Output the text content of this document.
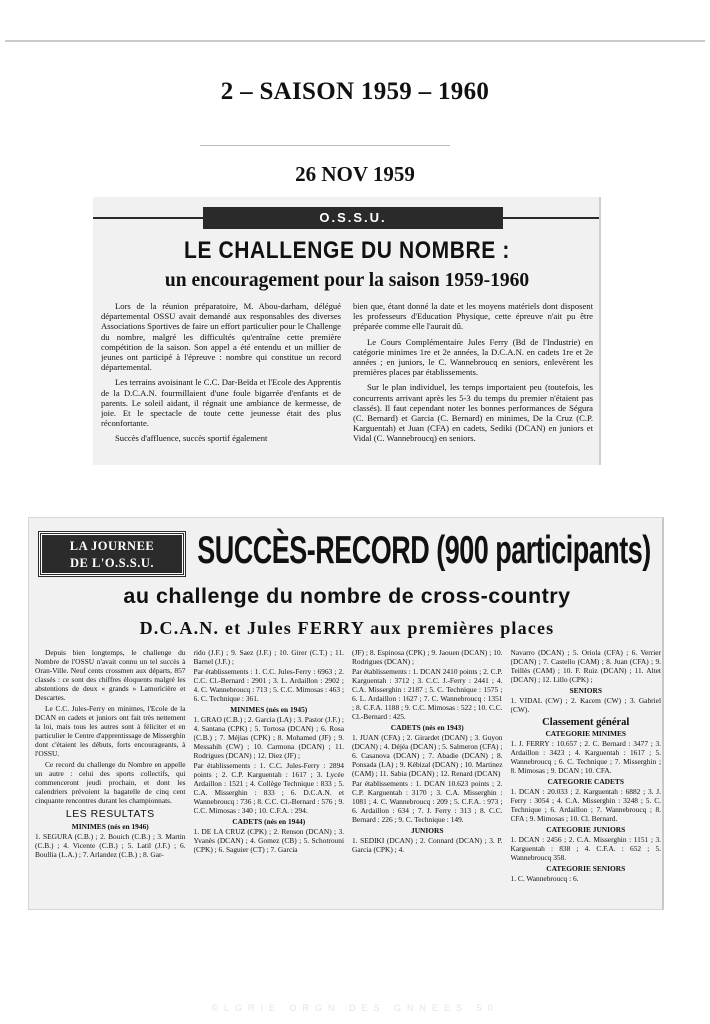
2 – SAISON 1959 – 1960
26 NOV 1959
O.S.S.U.
LE CHALLENGE DU NOMBRE :
un encouragement pour la saison 1959-1960

Lors de la réunion préparatoire, M. Abou-darham, délégué départemental OSSU avait demandé aux responsables des diverses Associations Sportives de faire un effort particulier pour le Challenge du nombre, malgré les difficultés qu'entraîne cette première compétition de la saison. Son appel a été entendu et un millier de jeunes ont participé à l'épreuve : nombre qui constitue un record départemental.

Les terrains avoisinant le C.C. Dar-Beïda et l'Ecole des Apprentis de la D.C.A.N. fourmillaient d'une foule bigarrée d'enfants et de parents. Le soleil aidant, il régnait une ambiance de kermesse, de joie. Et le spectacle de toute cette jeunesse était des plus réconfortante.

Succès d'affluence, succès sportif également

bien que, étant donné la date et les moyens matériels dont disposent les professeurs d'Education Physique, cette épreuve n'ait pu être préparée comme elle l'aurait dû.

Le Cours Complémentaire Jules Ferry (Bd de l'Industrie) en catégorie minimes 1re et 2e années, la D.C.A.N. en cadets 1re et 2e années ; en juniors, le C. Wannebroucq en seniors, enlevèrent les premières places par établissements.

Sur le plan individuel, les temps importaient peu (toutefois, les concurrents arrivant après les 5-3 du temps du premier n'étaient pas classés). Il faut cependant noter les bonnes performances de Ségura (C. Bernard) et Garcia (C. Bernard) en minimes, De la Cruz (C.P. Karguentah) et Juan (CFA) en cadets, Sediki (DCAN) en juniors et Vidal (C. Wannebroucq) en seniors.

LA JOURNEE
DE L'O.S.S.U.	SUCCÈS-RECORD (900 participants)
au challenge du nombre de cross-country
D.C.A.N. et Jules FERRY aux premières places

Depuis bien longtemps, le challenge du Nombre de l'OSSU n'avait connu un tel succès à Oran-Ville. Neuf cents crossmen aux départs, 857 classés : ce sont des chiffres éloquents malgré les abstentions de deux « grands » Lamoricière et Descartes.

Le C.C. Jules-Ferry en minimes, l'Ecole de la DCAN en cadets et juniors ont fait très nettement la loi, mais tous les autres sont à féliciter et en particulier le Centre d'apprentissage de Misserghin dont c'étaient les débuts, forts encourageants, à l'OSSU.

Ce record du challenge du Nombre en appelle un autre : celui des sports collectifs, qui commenceront jeudi prochain, et dont les calendriers prévoient la bagatelle de cinq cent cinquante rencontres durant les championnats.

LES RESULTATS
MINIMES (nés en 1946)

1. SEGURA (C.B.) ; 2. Bouich (C.B.) ; 3. Martin (C.B.) ; 4. Vicente (C.B.) ; 5. Latil (J.F.) ; 6. Boullia (L.A.) ; 7. Arlandez (C.B.) ; 8. Gar-

rido (J.F.) ; 9. Saez (J.F.) ; 10. Girer (C.T.) ; 11. Barnel (J.F.) ;

Par établissements : 1. C.C. Jules-Ferry : 6963 ; 2. C.C. Cl.-Bernard : 2901 ; 3. L. Ardaillon : 2902 ; 4. C. Wannebroucq : 713 ; 5. C.C. Mimosas : 463 ; 6. C. Technique : 361.

MINIMES (nés en 1945)

1. GRAO (C.B.) ; 2. Garcia (LA) ; 3. Pastor (J.F.) ; 4. Santana (CPK) ; 5. Tortosa (DCAN) ; 6. Rosa (C.B.) ; 7. Méjias (CPK) ; 8. Mohamed (JF) ; 9. Messahih (CW) ; 10. Carmona (DCAN) ; 11. Rodrigues (DCAN) ; 12. Diez (JF) ;

Par établissements : 1. C.C. Jules-Ferry : 2894 points ; 2. C.P. Karguentah : 1617 ; 3. Lycée Ardaillon : 1521 ; 4. Collège Technique : 833 ; 5. C.A. Misserghin : 833 ; 6. D.C.A.N. et Wannebroucq : 736 ; 8. C.C. Cl.-Bernard : 576 ; 9. C.C. Mimosas : 340 ; 10. C.F.A. : 294.

CADETS (nés en 1944)

1. DE LA CRUZ (CPK) ; 2. Renson (DCAN) ; 3. Yvanès (DCAN) ; 4. Gomez (CB) ; 5. Schotrouni (CPK) ; 6. Saguier (CT) ; 7. Garcia

(JF) ; 8. Espinosa (CPK) ; 9. Jaouen (DCAN) ; 10. Rodrigues (DCAN) ;

Par établissements : 1. DCAN 2410 points ; 2. C.P. Karguentah : 3712 ; 3. C.C. J.-Ferry : 2441 ; 4. C.A. Misserghin : 2187 ; 5. C. Technique : 1575 ; 6. L. Ardaillon : 1627 ; 7. C. Wannebroucq : 1351 ; 8. C.F.A. 1188 ; 9. C.C. Mimosas : 522 ; 10. C.C. Cl.-Bernard : 425.

CADETS (nés en 1943)

1. JUAN (CFA) ; 2. Girardet (DCAN) ; 3. Guyon (DCAN) ; 4. Déjéa (DCAN) ; 5. Salmeron (CFA) ; 6. Casanova (DCAN) ; 7. Abadie (DCAN) ; 8. Ponsada (LA) ; 9. Kébizal (DCAN) ; 10. Martinez (CAM) ; 11. Sabia (DCAN) ; 12. Renard (DCAN)

Par établissements : 1. DCAN 10.623 points ; 2. C.P. Karguentah : 3170 ; 3. C.A. Misserghin : 1081 ; 4. C. Wannebroucq : 209 ; 5. C.F.A. : 973 ; 6. Ardaillon : 634 ; 7. J. Ferry : 313 ; 8. C.C. Bernard : 226 ; 9. C. Technique : 149.

JUNIORS

1. SEDIKI (DCAN) ; 2. Connard (DCAN) ; 3. P. Garcia (CPK) ; 4.

Navarro (DCAN) ; 5. Oriola (CFA) ; 6. Verrier (DCAN) ; 7. Castello (CAM) ; 8. Juan (CFA) ; 9. Teillès (CAM) ; 10. F. Ruiz (DCAN) ; 11. Altet (DCAN) ; 12. Lillo (CPK) ;

SENIORS

1. VIDAL (CW) ; 2. Kacem (CW) ; 3. Gabriel (CW).

Classement général
CATEGORIE MINIMES

1. J. FERRY : 10.657 ; 2. C. Bernard : 3477 ; 3. Ardaillon : 3423 ; 4. Karguentah : 1617 ; 5. Wannebroucq ; 6. C. Technique ; 7. Misserghin ; 8. Mimosas ; 9. DCAN ; 10. CFA.

CATEGORIE CADETS

1. DCAN : 20.033 ; 2. Karguentah : 6882 ; 3. J. Ferry : 3054 ; 4. C.A. Misserghin : 3248 ; 5. C. Technique ; 6. Ardaillon ; 7. Wannebroucq ; 8. CFA ; 9. Mimosas ; 10. Cl. Bernard.

CATEGORIE JUNIORS

1. DCAN : 2456 ; 2. C.A. Misserghin : 1151 ; 3. Karguentah : 838 ; 4. C.F.A. : 652 ; 5. Wannebroucq 358.

CATEGORIE SENIORS

1. C. Wannebroucq : 6.

©LGRIE ORGN DES GNNEES 50
